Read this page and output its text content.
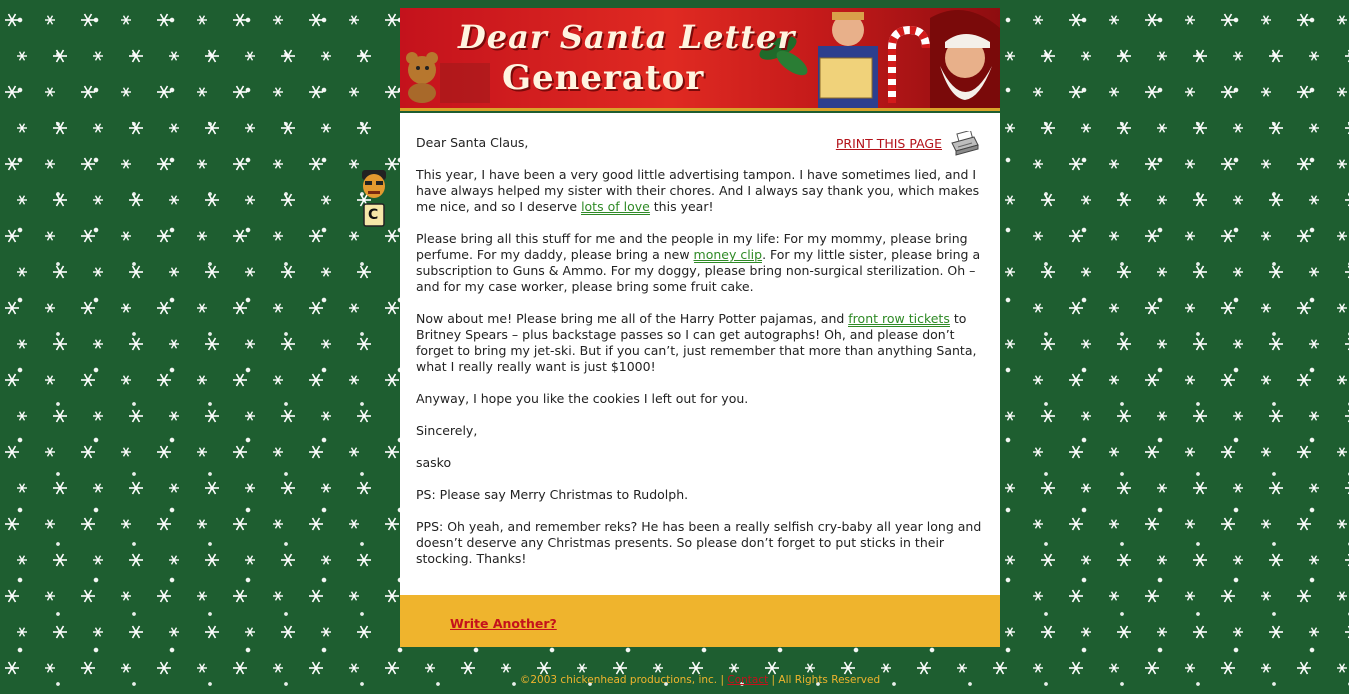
C
Dear Santa Letter
Generator
PRINT THIS PAGE

Dear Santa Claus,

This year, I have been a very good little advertising tampon. I have sometimes lied, and I have always helped my sister with their chores. And I always say thank you, which makes me nice, and so I deserve lots of love this year!

Please bring all this stuff for me and the people in my life: For my mommy, please bring perfume. For my daddy, please bring a new money clip. For my little sister, please bring a subscription to Guns & Ammo. For my doggy, please bring non-surgical sterilization. Oh – and for my case worker, please bring some fruit cake.

Now about me! Please bring me all of the Harry Potter pajamas, and front row tickets to Britney Spears – plus backstage passes so I can get autographs! Oh, and please don’t forget to bring my jet-ski. But if you can’t, just remember that more than anything Santa, what I really really want is just $1000!

Anyway, I hope you like the cookies I left out for you.

Sincerely,

sasko

PS: Please say Merry Christmas to Rudolph.

PPS: Oh yeah, and remember reks? He has been a really selfish cry-baby all year long and doesn’t deserve any Christmas presents. So please don’t forget to put sticks in their stocking. Thanks!

Write Another?
©2003 chickenhead productions, inc. | Contact | All Rights Reserved
